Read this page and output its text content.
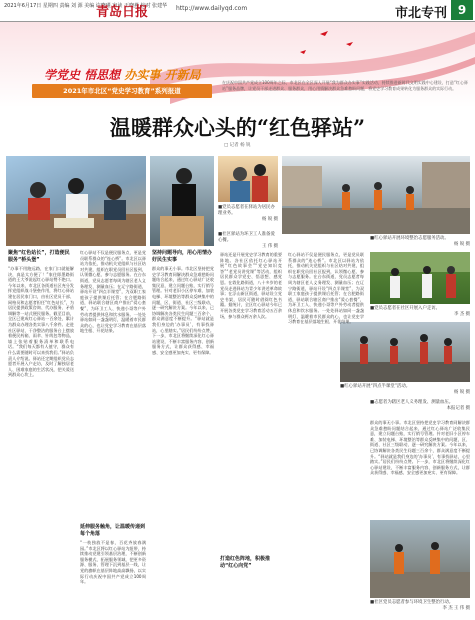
2021年6月17日 星期四 责编 刘 源 美编 许晓瑾 审读 王晓燕 校对 张建华
青岛日报	http://www.dailyqd.com	市北专刊 9
学党史 悟思想 办实事 开新局
2021年市北区“党史学习教育”系列报道
在庆祝中国共产党成立100周年之际，市北区在全区深入开展“我为群众办实事”实践活动，持续推进新时代文明实践中心建设，打造“红心驿站”服务品牌，让党员干部走进群众、服务群众，用心用情解决群众急难愁盼问题，将党史学习教育成果转化为服务群众的实际行动。
温暖群众心头的“红色驿站”
□ 记者 杨 锐
■党员志愿者在驿站为居民办理业务。
杨 锐 摄
■社区驿站为环卫工人准备爱心餐。
王 伟 摄
■红心驿站开展环境整治志愿服务活动。
杨 锐 摄
■党员志愿者在社区开展入户走访。
李 杰 摄
■红心驿站开展“四点半课堂”活动。
杨 锐 摄
■社区党员志愿者参与环境卫生整治行动。
李 杰 王 伟 摄
聚焦“红色站长”，打造便民服务“桥头堡”
“办事不用跑远路，在家门口就能解决，真是太方便了！”家住即墨路街道的王大爷说起红心驿站赞不绝口。今年以来，市北区各街道社区充分发挥党组织战斗堡垒作用，将红心驿站建在居民家门口，由社区党员干部、网格员和志愿者担任“红色站长”，为居民提供政策咨询、代办服务、矛盾调解等一站式便民服务。截至目前，全区已建成红心驿站一百余处，累计为群众办理各类实事八千余件。走进社区驿站，干净整洁的服务台上摆放着便民药箱、雨伞、针线包等物品，墙上张贴着服务清单和联系电话。“我们每天都有人值守，群众有什么需要随时可以来找我们。”驿站负责人介绍说。驿站还定期组织党员志愿者开展入户走访，及时了解独居老人、困难家庭的生活状况，把关爱送到群众心坎上。
红心驿站不仅是便民服务点，更是党员联系群众的“连心桥”。市北区以驿站为依托，推动机关党组织与社区结对共建，组织在职党员回社区报到，认领微心愿、参与志愿服务。在台东街道，党员志愿者每周为辖区老人义务理发、测量血压；在辽宁路街道，驿站开设“四点半课堂”，为双职工家庭孩子提供课后托管；在合肥路街道，驿站联合辖区商户推出“爱心套餐”，为环卫工人、快递小哥等户外劳动者提供休息和饮水服务。一处处驿站如同一盏盏明灯，温暖着市民群众的心，也让党史学习教育在基层落地生根、开花结果。
延伸服务触角，让温暖传递到每个角落
“一枝独放不是春，百花齐放春满园。”市北区将以红心驿站为纽带，持续推动党建引领基层治理，不断创新服务模式、拓展服务领域，把更多资源、服务、管理下沉到基层一线，让党的旗帜在基层阵地高高飘扬，以实际行动庆祝中国共产党成立100周年。
坚持问题导向，用心用情办好民生实事
群众的事无小事。市北区坚持把党史学习教育同解决群众急难愁盼问题结合起来，通过红心驿站广泛收集民意，建立问题台账，实行销号管理。针对老旧小区停车难、加装电梯、环境整治等群众反映集中的问题，区、街道、社区三级联动，逐一研究解决方案。今年以来，已协调解决各类民生问题三百余个，群众满意度不断提升。“驿站就是我们身边的‘办事员’，有事找驿站，心里踏实。”居民们纷纷点赞。下一步，市北区将继续深化红心驿站建设，不断丰富服务内容、创新服务方式，让群众获得感、幸福感、安全感更加充实、更有保障。
驿站还是开展党史学习教育的重要阵地。各社区依托红心驿站开展“红色故事会”“党史知识竞答”“老党员讲党课”等活动，组织居民群众学党史、悟思想、感党恩。在敦化路街道，八十多岁的老党员走进驿站为青少年讲述革命故事；在浮山新区街道，驿站设立党史书架，居民可随时借阅红色书籍。据统计，全区红心驿站今年已开展各类党史学习教育活动五百余场，参与群众两万余人次。
打造红色阵地，积极推动“红心向党”
红心驿站不仅是便民服务点，更是党员联系群众的“连心桥”。市北区以驿站为依托，推动机关党组织与社区结对共建，组织在职党员回社区报到，认领微心愿、参与志愿服务。在台东街道，党员志愿者每周为辖区老人义务理发、测量血压；在辽宁路街道，驿站开设“四点半课堂”，为双职工家庭孩子提供课后托管；在合肥路街道，驿站联合辖区商户推出“爱心套餐”，为环卫工人、快递小哥等户外劳动者提供休息和饮水服务。一处处驿站如同一盏盏明灯，温暖着市民群众的心，也让党史学习教育在基层落地生根、开花结果。
■志愿者为辖区老人义务理发、测量血压。
本报记者 摄
群众的事无小事。市北区坚持把党史学习教育同解决群众急难愁盼问题结合起来，通过红心驿站广泛收集民意，建立问题台账，实行销号管理。针对老旧小区停车难、加装电梯、环境整治等群众反映集中的问题，区、街道、社区三级联动，逐一研究解决方案。今年以来，已协调解决各类民生问题三百余个，群众满意度不断提升。“驿站就是我们身边的‘办事员’，有事找驿站，心里踏实。”居民们纷纷点赞。下一步，市北区将继续深化红心驿站建设，不断丰富服务内容、创新服务方式，让群众获得感、幸福感、安全感更加充实、更有保障。
